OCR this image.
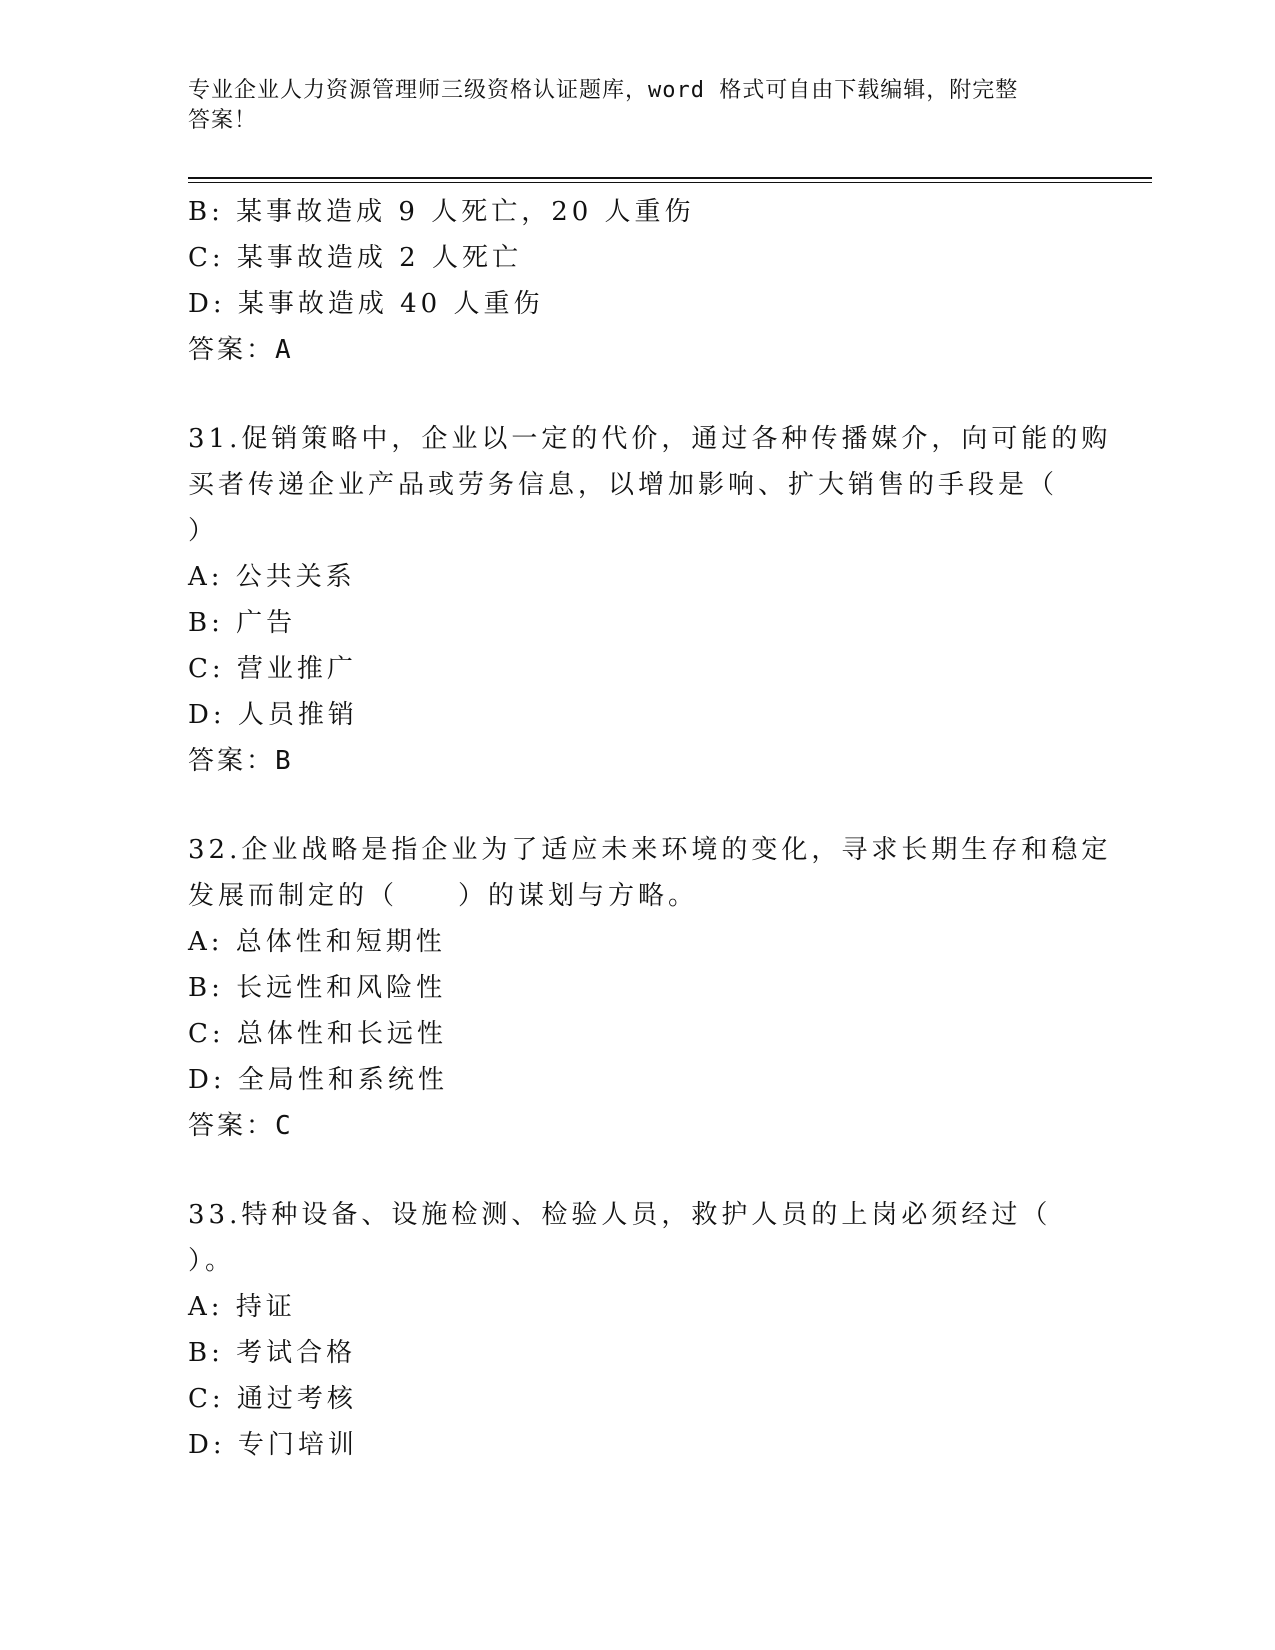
专业企业人力资源管理师三级资格认证题库，word 格式可自由下载编辑，附完整
答案！
B: 某事故造成 9 人死亡，20 人重伤
C: 某事故造成 2 人死亡
D: 某事故造成 40 人重伤
答案：A
31.促销策略中，企业以一定的代价，通过各种传播媒介，向可能的购
买者传递企业产品或劳务信息，以增加影响、扩大销售的手段是（
）
A: 公共关系
B: 广告
C: 营业推广
D: 人员推销
答案：B
32.企业战略是指企业为了适应未来环境的变化，寻求长期生存和稳定
发展而制定的（　　）的谋划与方略。
A: 总体性和短期性
B: 长远性和风险性
C: 总体性和长远性
D: 全局性和系统性
答案：C
33.特种设备、设施检测、检验人员，救护人员的上岗必须经过（
）。
A: 持证
B: 考试合格
C: 通过考核
D: 专门培训
